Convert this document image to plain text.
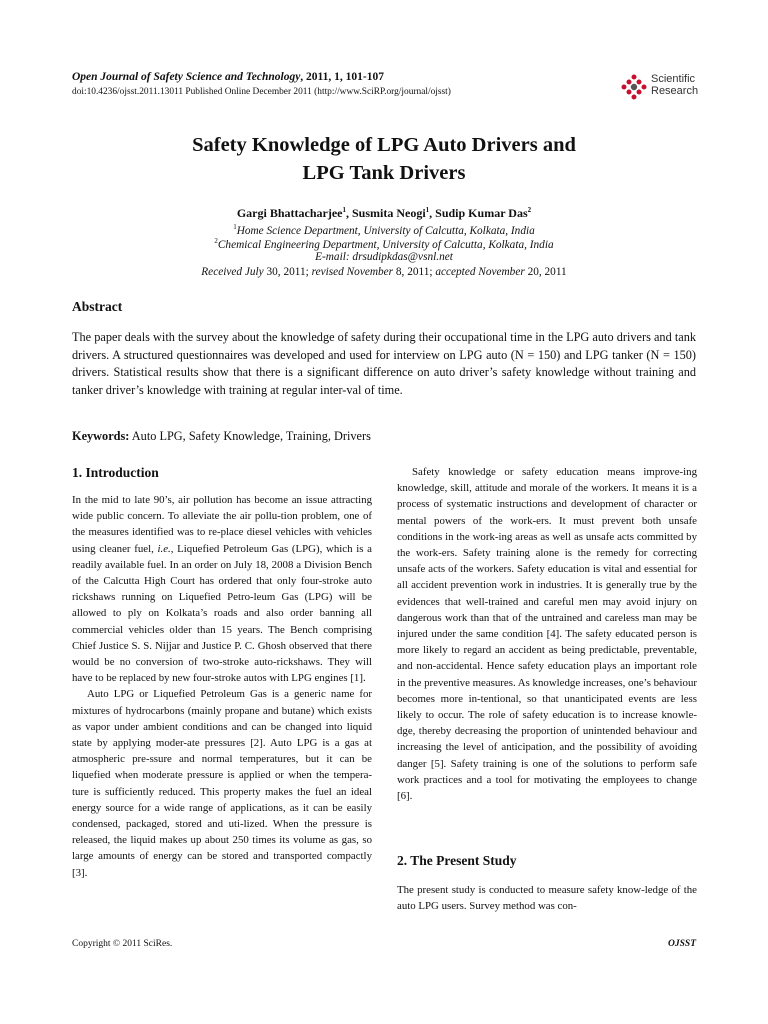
Open Journal of Safety Science and Technology, 2011, 1, 101-107
doi:10.4236/ojsst.2011.13011 Published Online December 2011 (http://www.SciRP.org/journal/ojsst)
Scientific
Research
Safety Knowledge of LPG Auto Drivers and
LPG Tank Drivers
Gargi Bhattacharjee$^1$, Susmita Neogi$^1$, Sudip Kumar Das$^2$
$^1$Home Science Department, University of Calcutta, Kolkata, India
$^2$Chemical Engineering Department, University of Calcutta, Kolkata, India
E-mail: drsudipkdas@vsnl.net
Received July 30, 2011; revised November 8, 2011; accepted November 20, 2011
Abstract

The paper deals with the survey about the knowledge of safety during their occupational time in the LPG auto drivers and tank drivers. A structured questionnaires was developed and used for interview on LPG auto (N = 150) and LPG tanker (N = 150) drivers. Statistical results show that there is a significant difference on auto driver’s safety knowledge without training and tanker driver’s knowledge with training at regular inter-val of time.

Keywords: Auto LPG, Safety Knowledge, Training, Drivers
1. Introduction

In the mid to late 90’s, air pollution has become an issue attracting wide public concern. To alleviate the air pollu-tion problem, one of the measures identified was to re-place diesel vehicles with vehicles using cleaner fuel, i.e., Liquefied Petroleum Gas (LPG), which is a readily available fuel. In an order on July 18, 2008 a Division Bench of the Calcutta High Court has ordered that only four-stroke auto rickshaws running on Liquefied Petro-leum Gas (LPG) will be allowed to ply on Kolkata’s roads and also order banning all commercial vehicles older than 15 years. The Bench comprising Chief Justice S. S. Nijjar and Justice P. C. Ghosh observed that there would be no conversion of two-stroke auto-rickshaws. They will have to be replaced by new four-stroke autos with LPG engines [1].

Auto LPG or Liquefied Petroleum Gas is a generic name for mixtures of hydrocarbons (mainly propane and butane) which exists as vapor under ambient conditions and can be changed into liquid state by applying moder-ate pressures [2]. Auto LPG is a gas at atmospheric pre-ssure and normal temperatures, but it can be liquefied when moderate pressure is applied or when the tempera-ture is sufficiently reduced. This property makes the fuel an ideal energy source for a wide range of applications, as it can be easily condensed, packaged, stored and uti-lized. When the pressure is released, the liquid makes up about 250 times its volume as gas, so large amounts of energy can be stored and transported compactly [3].

Safety knowledge or safety education means improve-ing knowledge, skill, attitude and morale of the workers. It means it is a process of systematic instructions and development of character or mental powers of the work-ers. It must prevent both unsafe conditions in the work-ing areas as well as unsafe acts committed by the work-ers. Safety training alone is the remedy for correcting unsafe acts of the workers. Safety education is vital and essential for all accident prevention work in industries. It is generally true by the evidences that well-trained and careful men may avoid injury on dangerous work than that of the untrained and careless man may be injured under the same condition [4]. The safety educated person is more likely to regard an accident as being predictable, preventable, and non-accidental. Hence safety education plays an important role in the preventive measures. As knowledge increases, one’s behaviour becomes more in-tentional, so that unanticipated events are less likely to occur. The role of safety education is to increase knowle-dge, thereby decreasing the proportion of unintended behaviour and increasing the level of anticipation, and the possibility of avoiding danger [5]. Safety training is one of the solutions to perform safe work practices and a tool for motivating the employees to change [6].

2. The Present Study

The present study is conducted to measure safety know-ledge of the auto LPG users. Survey method was con-

Copyright © 2011 SciRes.	OJSST
